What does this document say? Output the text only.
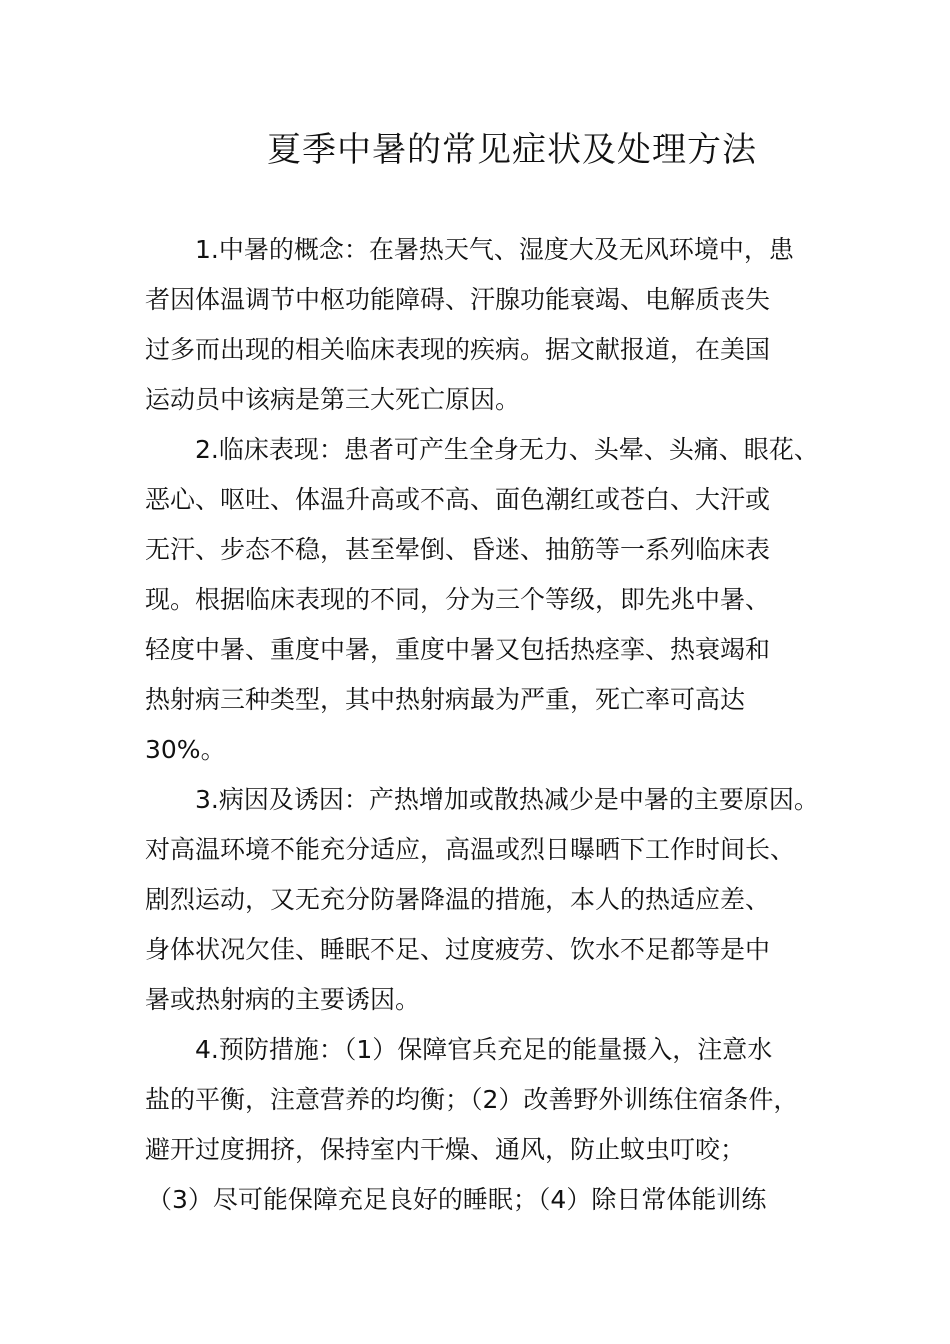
夏季中暑的常见症状及处理方法

1.中暑的概念：在暑热天气、湿度大及无风环境中，患

者因体温调节中枢功能障碍、汗腺功能衰竭、电解质丧失

过多而出现的相关临床表现的疾病。据文献报道，在美国

运动员中该病是第三大死亡原因。

2.临床表现：患者可产生全身无力、头晕、头痛、眼花、

恶心、呕吐、体温升高或不高、面色潮红或苍白、大汗或

无汗、步态不稳，甚至晕倒、昏迷、抽筋等一系列临床表

现。根据临床表现的不同，分为三个等级，即先兆中暑、

轻度中暑、重度中暑，重度中暑又包括热痉挛、热衰竭和

热射病三种类型，其中热射病最为严重，死亡率可高达

30%。

3.病因及诱因：产热增加或散热减少是中暑的主要原因。

对高温环境不能充分适应，高温或烈日曝晒下工作时间长、

剧烈运动，又无充分防暑降温的措施，本人的热适应差、

身体状况欠佳、睡眠不足、过度疲劳、饮水不足都等是中

暑或热射病的主要诱因。

4.预防措施：（1）保障官兵充足的能量摄入，注意水

盐的平衡，注意营养的均衡；（2）改善野外训练住宿条件，

避开过度拥挤，保持室内干燥、通风，防止蚊虫叮咬；

（3）尽可能保障充足良好的睡眠；（4）除日常体能训练
